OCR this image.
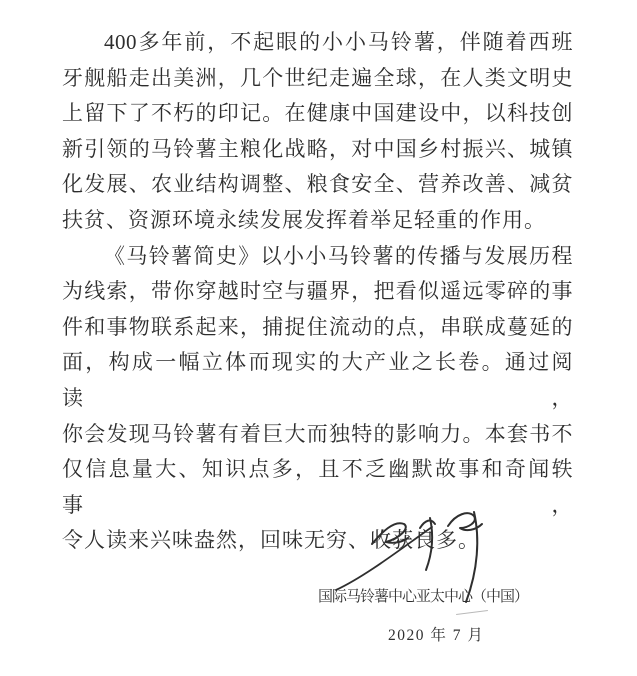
400多年前，不起眼的小小马铃薯，伴随着西班
牙舰船走出美洲，几个世纪走遍全球，在人类文明史
上留下了不朽的印记。在健康中国建设中，以科技创
新引领的马铃薯主粮化战略，对中国乡村振兴、城镇
化发展、农业结构调整、粮食安全、营养改善、减贫
扶贫、资源环境永续发展发挥着举足轻重的作用。
《马铃薯简史》以小小马铃薯的传播与发展历程
为线索，带你穿越时空与疆界，把看似遥远零碎的事
件和事物联系起来，捕捉住流动的点，串联成蔓延的
面，构成一幅立体而现实的大产业之长卷。通过阅读，
你会发现马铃薯有着巨大而独特的影响力。本套书不
仅信息量大、知识点多，且不乏幽默故事和奇闻轶事，
令人读来兴味盎然，回味无穷、收获良多。
国际马铃薯中心亚太中心（中国）
2020 年 7 月
